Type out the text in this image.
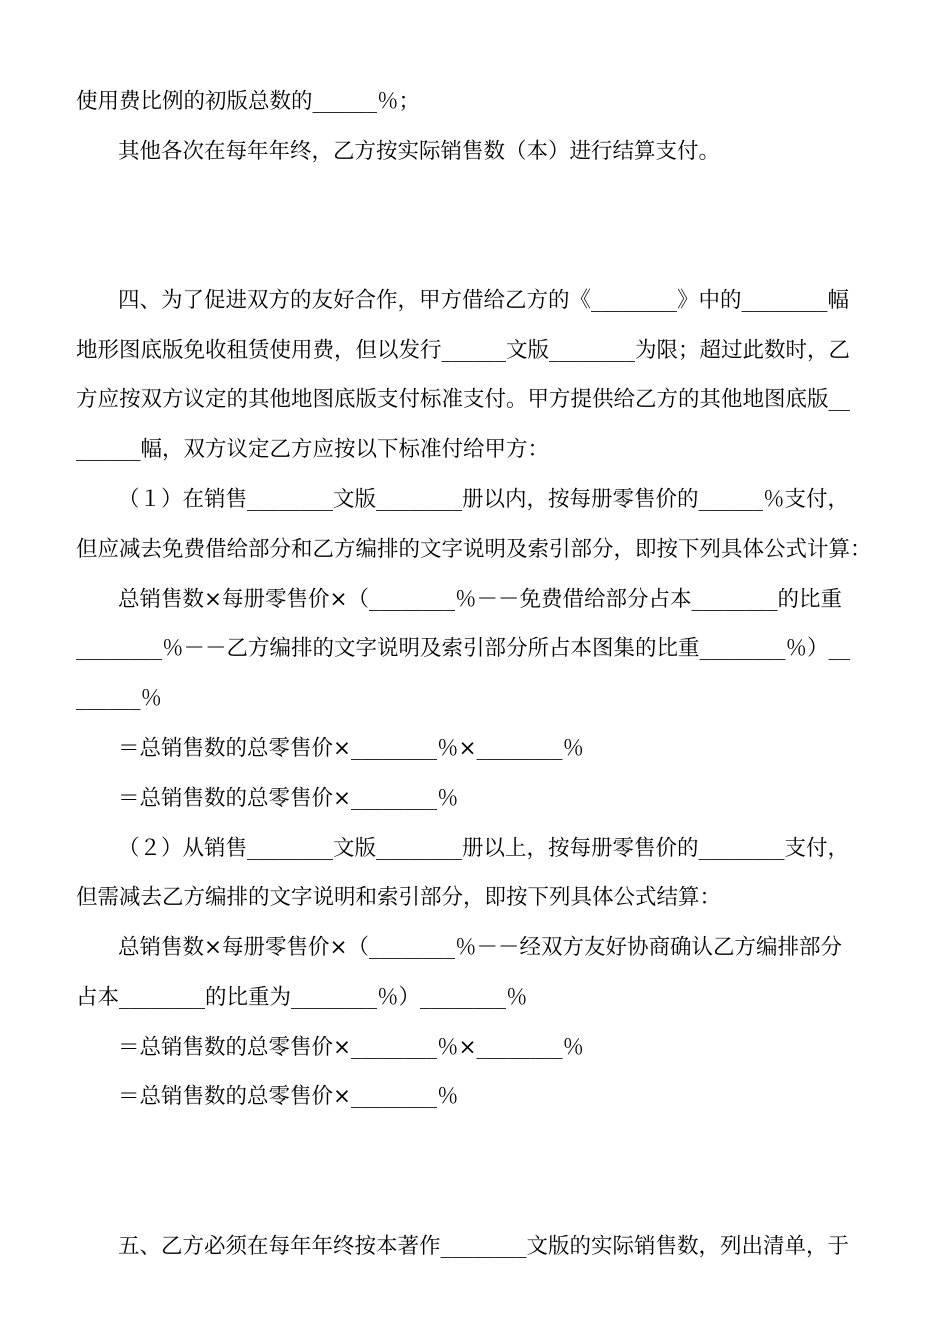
使用费比例的初版总数的______％；

其他各次在每年年终，乙方按实际销售数（本）进行结算支付。

四、为了促进双方的友好合作，甲方借给乙方的《________》中的________幅

地形图底版免收租赁使用费，但以发行______文版________为限；超过此数时，乙

方应按双方议定的其他地图底版支付标准支付。甲方提供给乙方的其他地图底版__

______幅，双方议定乙方应按以下标准付给甲方：

（１）在销售________文版________册以内，按每册零售价的______％支付，

但应减去免费借给部分和乙方编排的文字说明及索引部分，即按下列具体公式计算：

总销售数×每册零售价×（________％－－免费借给部分占本________的比重

________％－－乙方编排的文字说明及索引部分所占本图集的比重________％）__

______％

＝总销售数的总零售价×________％×________％

＝总销售数的总零售价×________％

（２）从销售________文版________册以上，按每册零售价的________支付，

但需减去乙方编排的文字说明和索引部分，即按下列具体公式结算：

总销售数×每册零售价×（________％－－经双方友好协商确认乙方编排部分

占本________的比重为________％）________％

＝总销售数的总零售价×________％×________％

＝总销售数的总零售价×________％

五、乙方必须在每年年终按本著作________文版的实际销售数，列出清单，于
